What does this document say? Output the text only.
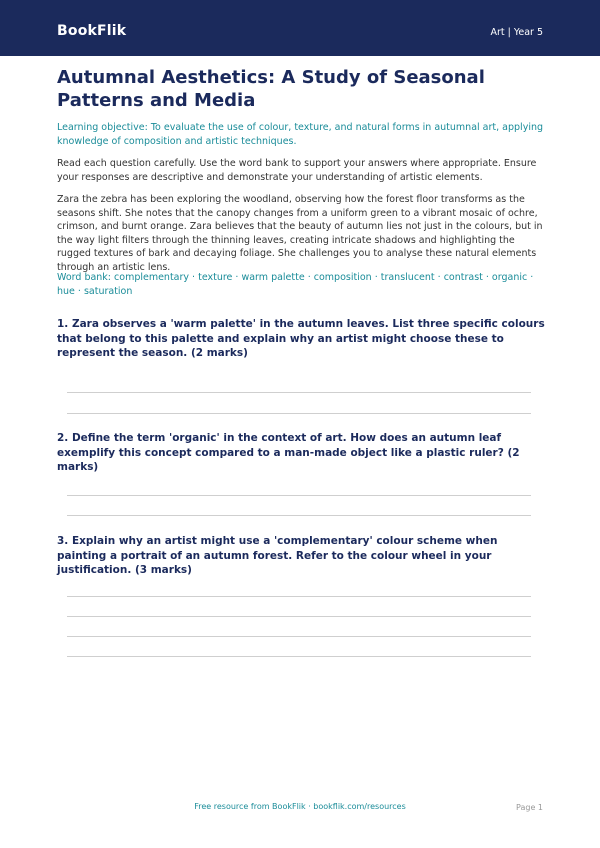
BookFlik	Art | Year 5
Autumnal Aesthetics: A Study of Seasonal Patterns and Media
Learning objective: To evaluate the use of colour, texture, and natural forms in autumnal art, applying knowledge of composition and artistic techniques.
Read each question carefully. Use the word bank to support your answers where appropriate. Ensure your responses are descriptive and demonstrate your understanding of artistic elements.
Zara the zebra has been exploring the woodland, observing how the forest floor transforms as the seasons shift. She notes that the canopy changes from a uniform green to a vibrant mosaic of ochre, crimson, and burnt orange. Zara believes that the beauty of autumn lies not just in the colours, but in the way light filters through the thinning leaves, creating intricate shadows and highlighting the rugged textures of bark and decaying foliage. She challenges you to analyse these natural elements through an artistic lens.
Word bank: complementary · texture · warm palette · composition · translucent · contrast · organic · hue · saturation
1. Zara observes a 'warm palette' in the autumn leaves. List three specific colours that belong to this palette and explain why an artist might choose these to represent the season. (2 marks)
2. Define the term 'organic' in the context of art. How does an autumn leaf exemplify this concept compared to a man-made object like a plastic ruler? (2 marks)
3. Explain why an artist might use a 'complementary' colour scheme when painting a portrait of an autumn forest. Refer to the colour wheel in your justification. (3 marks)
Free resource from BookFlik · bookflik.com/resources	Page 1
